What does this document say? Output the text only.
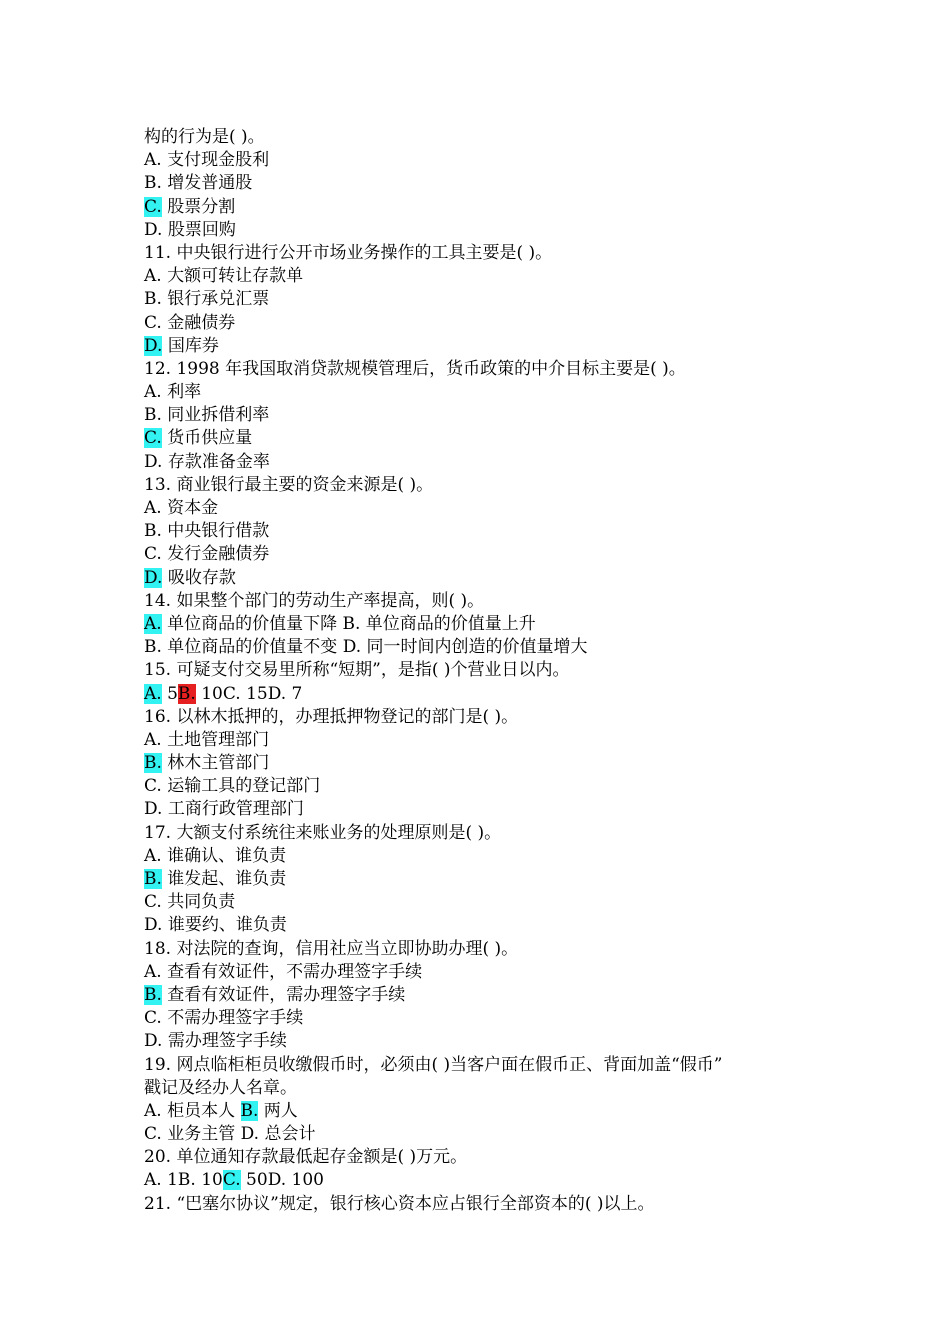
构的行为是( )。
A. 支付现金股利
B. 增发普通股
C. 股票分割
D. 股票回购
11. 中央银行进行公开市场业务操作的工具主要是( )。
A. 大额可转让存款单
B. 银行承兑汇票
C. 金融债券
D. 国库券
12. 1998 年我国取消贷款规模管理后，货币政策的中介目标主要是( )。
A. 利率
B. 同业拆借利率
C. 货币供应量
D. 存款准备金率
13. 商业银行最主要的资金来源是( )。
A. 资本金
B. 中央银行借款
C. 发行金融债券
D. 吸收存款
14. 如果整个部门的劳动生产率提高，则( )。
A. 单位商品的价值量下降 B. 单位商品的价值量上升
B. 单位商品的价值量不变 D. 同一时间内创造的价值量增大
15. 可疑支付交易里所称“短期”，是指( )个营业日以内。
A. 5B. 10C. 15D. 7
16. 以林木抵押的，办理抵押物登记的部门是( )。
A. 土地管理部门
B. 林木主管部门
C. 运输工具的登记部门
D. 工商行政管理部门
17. 大额支付系统往来账业务的处理原则是( )。
A. 谁确认、谁负责
B. 谁发起、谁负责
C. 共同负责
D. 谁要约、谁负责
18. 对法院的查询，信用社应当立即协助办理( )。
A. 查看有效证件，不需办理签字手续
B. 查看有效证件，需办理签字手续
C. 不需办理签字手续
D. 需办理签字手续
19. 网点临柜柜员收缴假币时，必须由( )当客户面在假币正、背面加盖“假币”
戳记及经办人名章。
A. 柜员本人 B. 两人
C. 业务主管 D. 总会计
20. 单位通知存款最低起存金额是( )万元。
A. 1B. 10C. 50D. 100
21. “巴塞尔协议”规定，银行核心资本应占银行全部资本的( )以上。
